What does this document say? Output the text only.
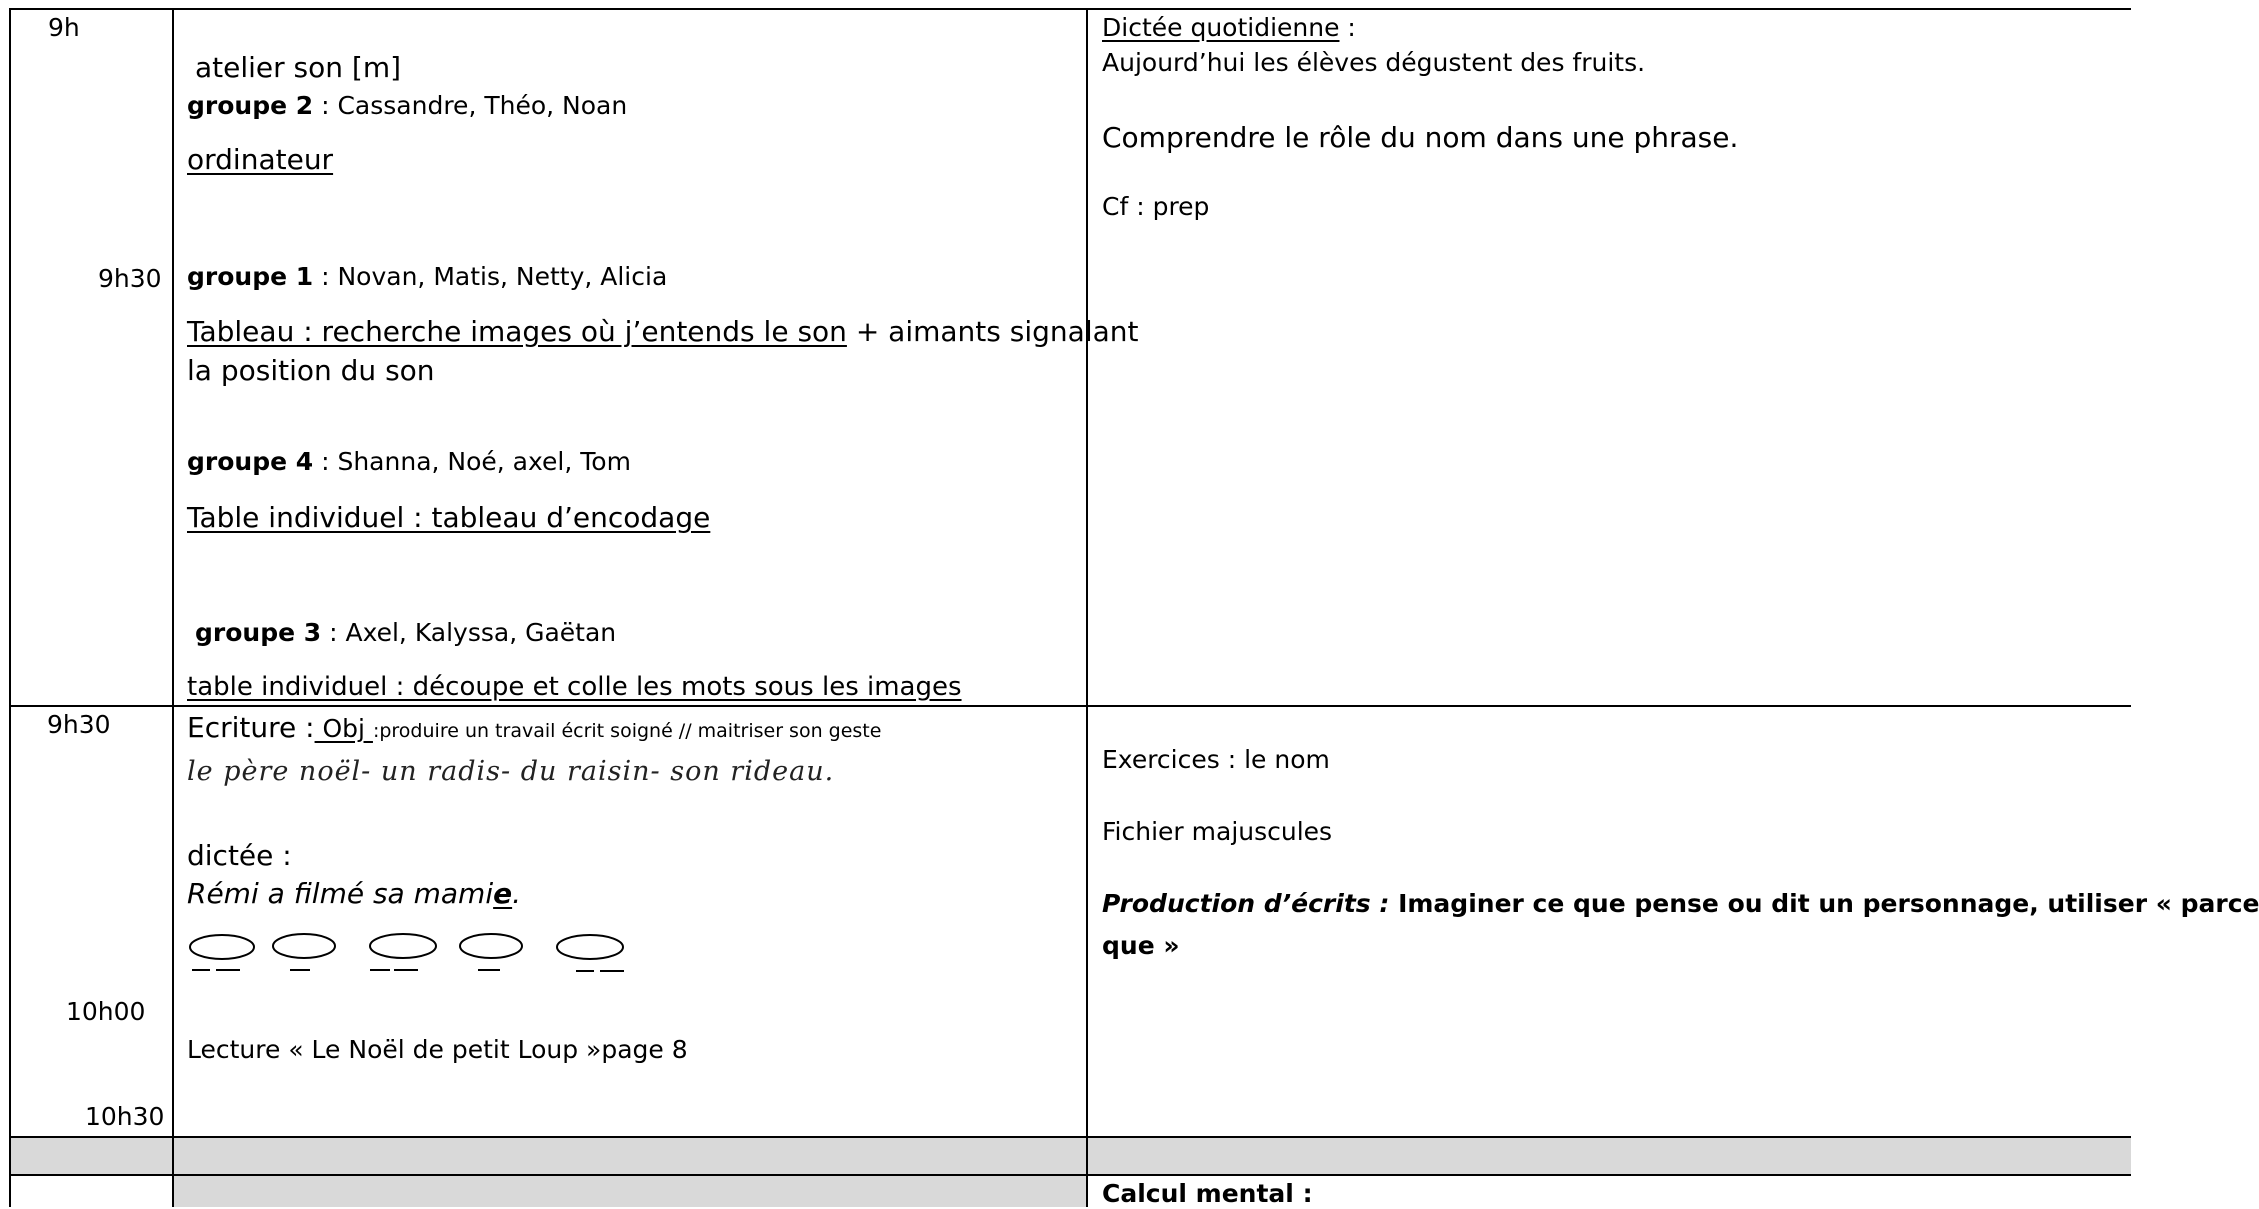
9h
9h30
9h30
10h00
10h30
atelier son [m]
groupe 2 : Cassandre, Théo, Noan
ordinateur
groupe 1 : Novan, Matis, Netty, Alicia
Tableau : recherche images où j’entends le son + aimants signalant
la position du son
groupe 4 : Shanna, Noé, axel, Tom
Table individuel : tableau d’encodage
groupe 3 : Axel, Kalyssa, Gaëtan
table individuel : découpe et colle les mots sous les images
Dictée quotidienne :
Aujourd’hui les élèves dégustent des fruits.
Comprendre le rôle du nom dans une phrase.
Cf : prep
Ecriture : Obj :produire un travail écrit soigné // maitriser son geste
le père noël- un radis- du raisin- son rideau.
dictée :
Rémi a filmé sa mamie.
Lecture « Le Noël de petit Loup »page 8
Exercices : le nom
Fichier majuscules
Production d’écrits : Imaginer ce que pense ou dit un personnage, utiliser « parce
que »
Calcul mental :
